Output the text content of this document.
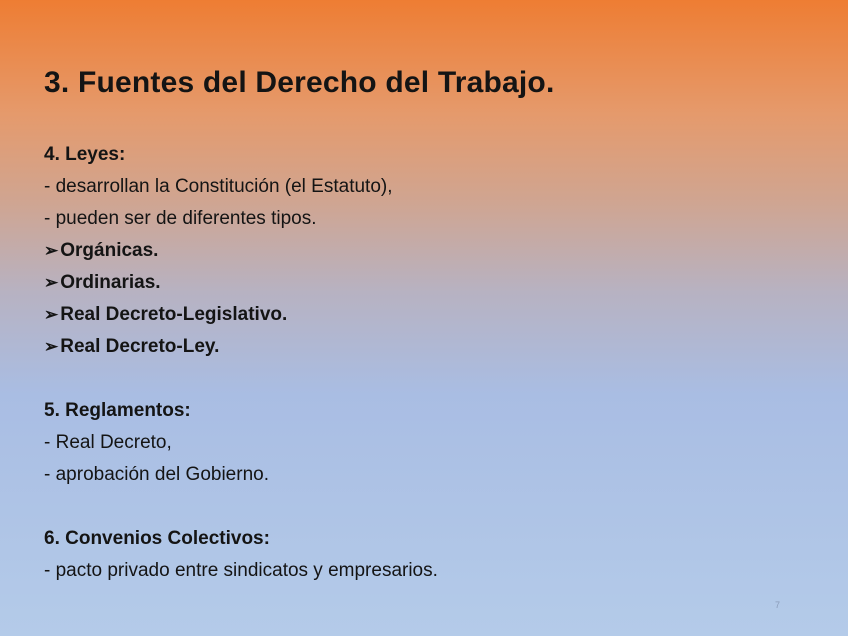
3. Fuentes del Derecho del Trabajo.
4. Leyes:
- desarrollan la Constitución (el Estatuto),
- pueden ser de diferentes tipos.
➢ Orgánicas.
➢ Ordinarias.
➢ Real Decreto-Legislativo.
➢ Real Decreto-Ley.
5. Reglamentos:
- Real Decreto,
- aprobación del Gobierno.
6. Convenios Colectivos:
- pacto privado entre sindicatos y empresarios.
7
